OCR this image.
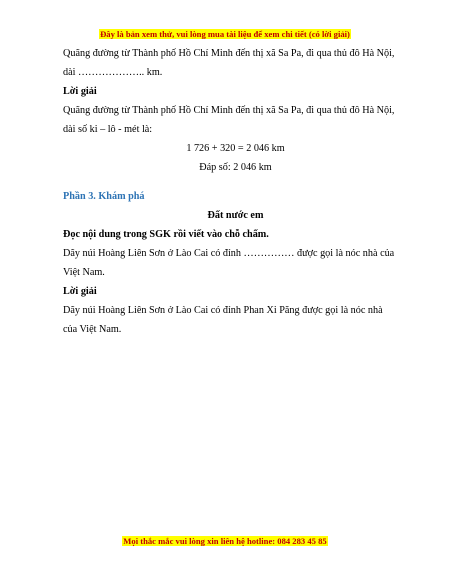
Đây là bản xem thử, vui lòng mua tài liệu để xem chi tiết (có lời giải)

Quãng đường từ Thành phố Hồ Chí Minh đến thị xã Sa Pa, đi qua thủ đô Hà Nội,

dài ……………….. km.

Lời giải

Quãng đường từ Thành phố Hồ Chí Minh đến thị xã Sa Pa, đi qua thủ đô Hà Nội,

dài số ki – lô - mét là:

1 726 + 320 = 2 046 km

Đáp số: 2 046 km

Phần 3. Khám phá

Đất nước em

Đọc nội dung trong SGK rồi viết vào chỗ chấm.

Dãy núi Hoàng Liên Sơn ở Lào Cai có đỉnh …………… được gọi là nóc nhà của

Việt Nam.

Lời giải

Dãy núi Hoàng Liên Sơn ở Lào Cai có đỉnh Phan Xi Păng được gọi là nóc nhà

của Việt Nam.

Mọi thắc mắc vui lòng xin liên hệ hotline: 084 283 45 85
